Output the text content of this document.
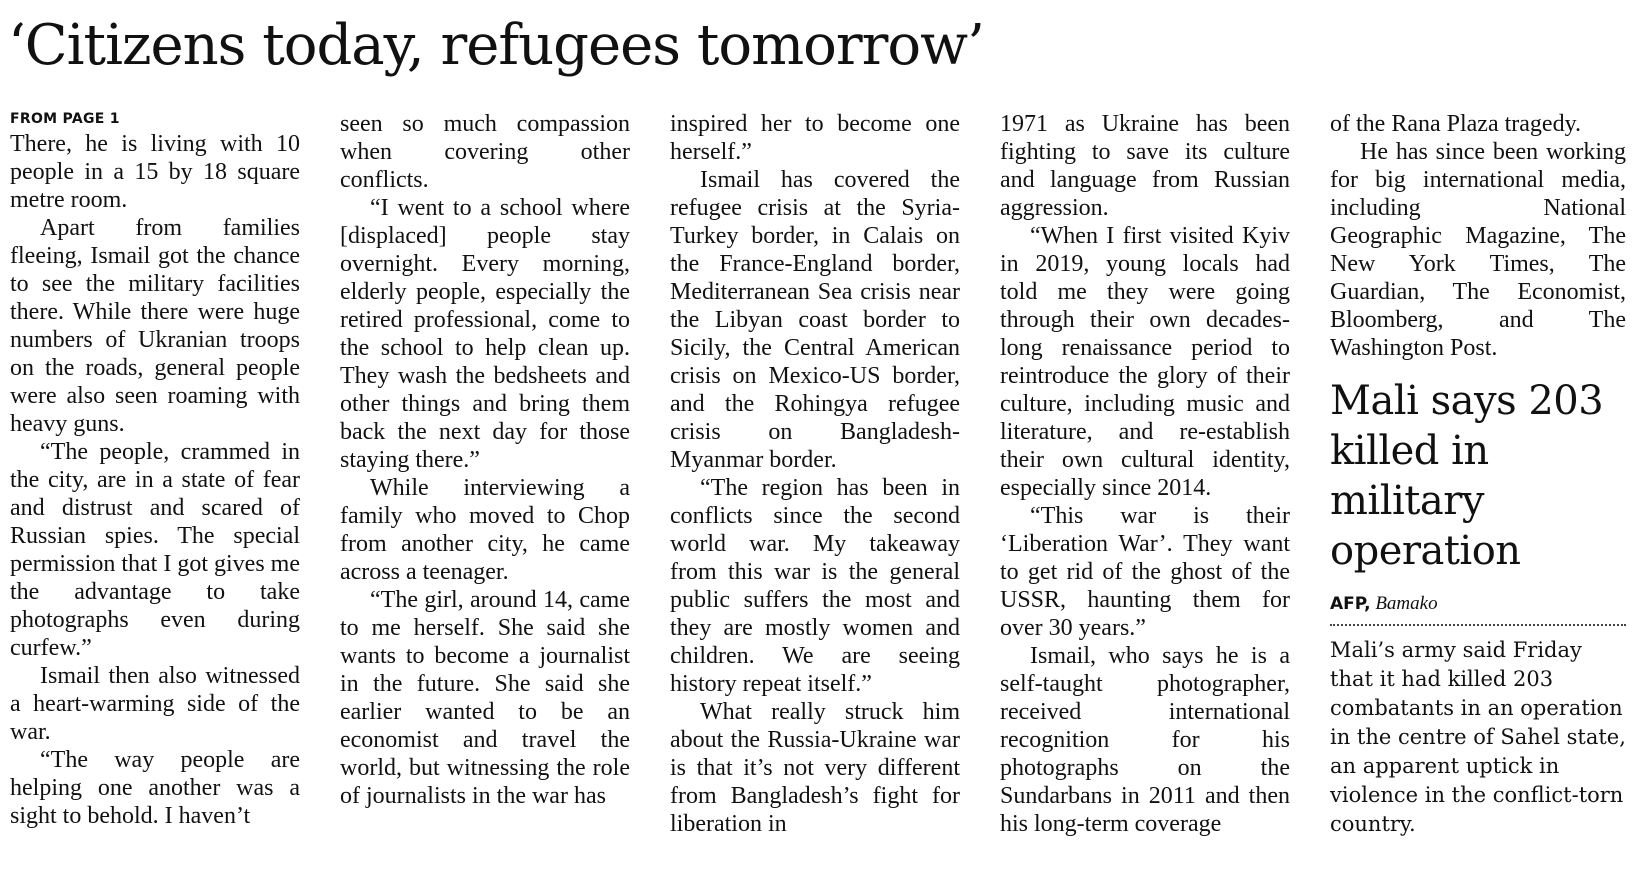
‘Citizens today, refugees tomorrow’
FROM PAGE 1

There, he is living with 10 people in a 15 by 18 square metre room.

Apart from families fleeing, Ismail got the chance to see the military facilities there. While there were huge numbers of Ukranian troops on the roads, general people were also seen roaming with heavy guns.

“The people, crammed in the city, are in a state of fear and distrust and scared of Russian spies. The special permission that I got gives me the advantage to take photographs even during curfew.”

Ismail then also witnessed a heart-warming side of the war.

“The way people are helping one another was a sight to behold. I haven’t

seen so much compassion when covering other conflicts.

“I went to a school where [displaced] people stay overnight. Every morning, elderly people, especially the retired professional, come to the school to help clean up. They wash the bedsheets and other things and bring them back the next day for those staying there.”

While interviewing a family who moved to Chop from another city, he came across a teenager.

“The girl, around 14, came to me herself. She said she wants to become a journalist in the future. She said she earlier wanted to be an economist and travel the world, but witnessing the role of journalists in the war has

inspired her to become one herself.”

Ismail has covered the refugee crisis at the Syria-Turkey border, in Calais on the France-England border, Mediterranean Sea crisis near the Libyan coast border to Sicily, the Central American crisis on Mexico-US border, and the Rohingya refugee crisis on Bangladesh-Myanmar border.

“The region has been in conflicts since the second world war. My takeaway from this war is the general public suffers the most and they are mostly women and children. We are seeing history repeat itself.”

What really struck him about the Russia-Ukraine war is that it’s not very different from Bangladesh’s fight for liberation in

1971 as Ukraine has been fighting to save its culture and language from Russian aggression.

“When I first visited Kyiv in 2019, young locals had told me they were going through their own decades-long renaissance period to reintroduce the glory of their culture, including music and literature, and re-establish their own cultural identity, especially since 2014.

“This war is their ‘Liberation War’. They want to get rid of the ghost of the USSR, haunting them for over 30 years.”

Ismail, who says he is a self-taught photographer, received international recognition for his photographs on the Sundarbans in 2011 and then his long-term coverage

of the Rana Plaza tragedy.

He has since been working for big international media, including National Geographic Magazine, The New York Times, The Guardian, The Economist, Bloomberg, and The Washington Post.

Mali says 203 killed in military operation
AFP, Bamako
Mali’s army said Friday that it had killed 203 combatants in an operation in the centre of Sahel state, an apparent uptick in violence in the conflict-torn country.
